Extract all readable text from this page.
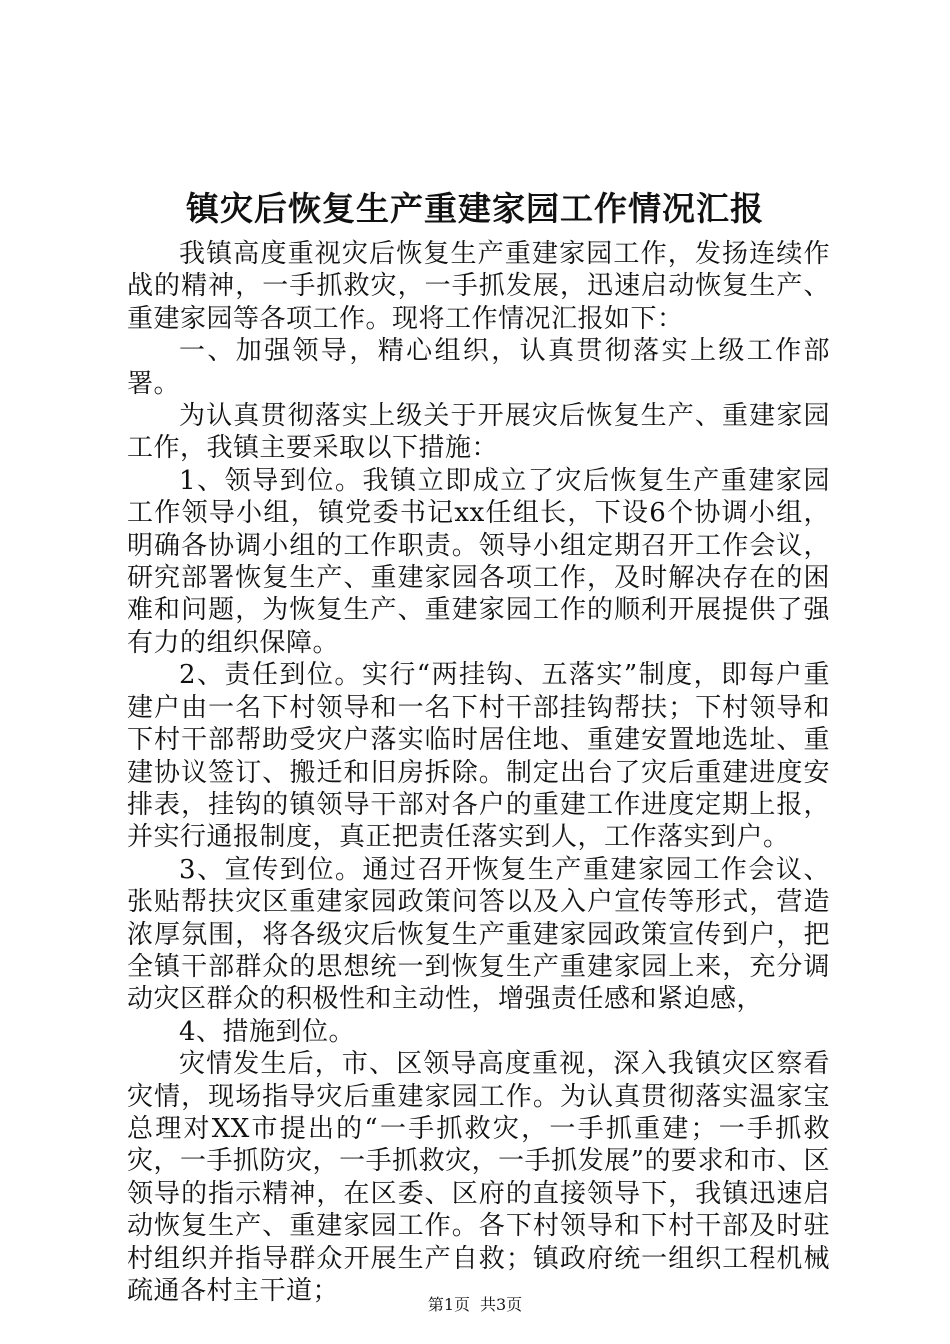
镇灾后恢复生产重建家园工作情况汇报

我镇高度重视灾后恢复生产重建家园工作，发扬连续作战的精神，一手抓救灾，一手抓发展，迅速启动恢复生产、重建家园等各项工作。现将工作情况汇报如下：

一、加强领导，精心组织，认真贯彻落实上级工作部署。

为认真贯彻落实上级关于开展灾后恢复生产、重建家园工作，我镇主要采取以下措施：

1、领导到位。我镇立即成立了灾后恢复生产重建家园工作领导小组，镇党委书记xx任组长，下设6个协调小组，明确各协调小组的工作职责。领导小组定期召开工作会议，研究部署恢复生产、重建家园各项工作，及时解决存在的困难和问题，为恢复生产、重建家园工作的顺利开展提供了强有力的组织保障。

2、责任到位。实行“两挂钩、五落实”制度，即每户重建户由一名下村领导和一名下村干部挂钩帮扶；下村领导和下村干部帮助受灾户落实临时居住地、重建安置地选址、重建协议签订、搬迁和旧房拆除。制定出台了灾后重建进度安排表，挂钩的镇领导干部对各户的重建工作进度定期上报，并实行通报制度，真正把责任落实到人，工作落实到户。

3、宣传到位。通过召开恢复生产重建家园工作会议、张贴帮扶灾区重建家园政策问答以及入户宣传等形式，营造浓厚氛围，将各级灾后恢复生产重建家园政策宣传到户，把全镇干部群众的思想统一到恢复生产重建家园上来，充分调动灾区群众的积极性和主动性，增强责任感和紧迫感，

4、措施到位。

灾情发生后，市、区领导高度重视，深入我镇灾区察看灾情，现场指导灾后重建家园工作。为认真贯彻落实温家宝总理对XX市提出的“一手抓救灾，一手抓重建；一手抓救灾，一手抓防灾，一手抓救灾，一手抓发展”的要求和市、区领导的指示精神，在区委、区府的直接领导下，我镇迅速启动恢复生产、重建家园工作。各下村领导和下村干部及时驻村组织并指导群众开展生产自救；镇政府统一组织工程机械疏通各村主干道；	第1页 共3页
